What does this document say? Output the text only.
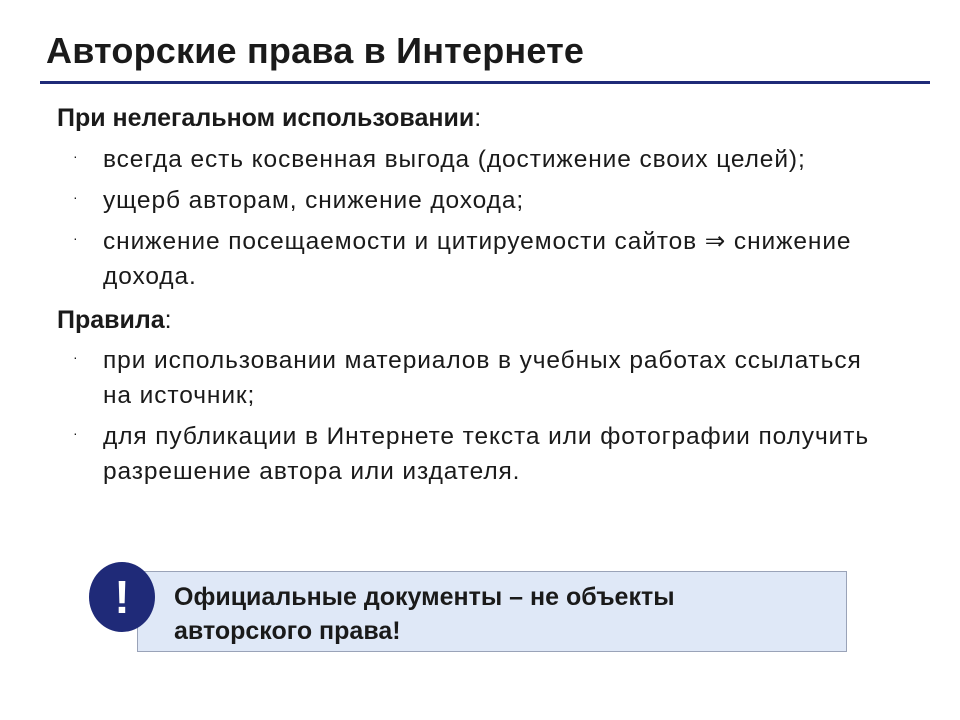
Авторские права в Интернете
При нелегальном использовании:
· всегда есть косвенная выгода (достижение своих целей);
· ущерб авторам, снижение дохода;
· снижение посещаемости и цитируемости сайтов ⇒ снижение дохода.
Правила:
· при использовании материалов в учебных работах ссылаться на источник;
· для публикации в Интернете текста или фотографии получить разрешение автора или издателя.
Официальные документы – не объекты авторского права!
!
